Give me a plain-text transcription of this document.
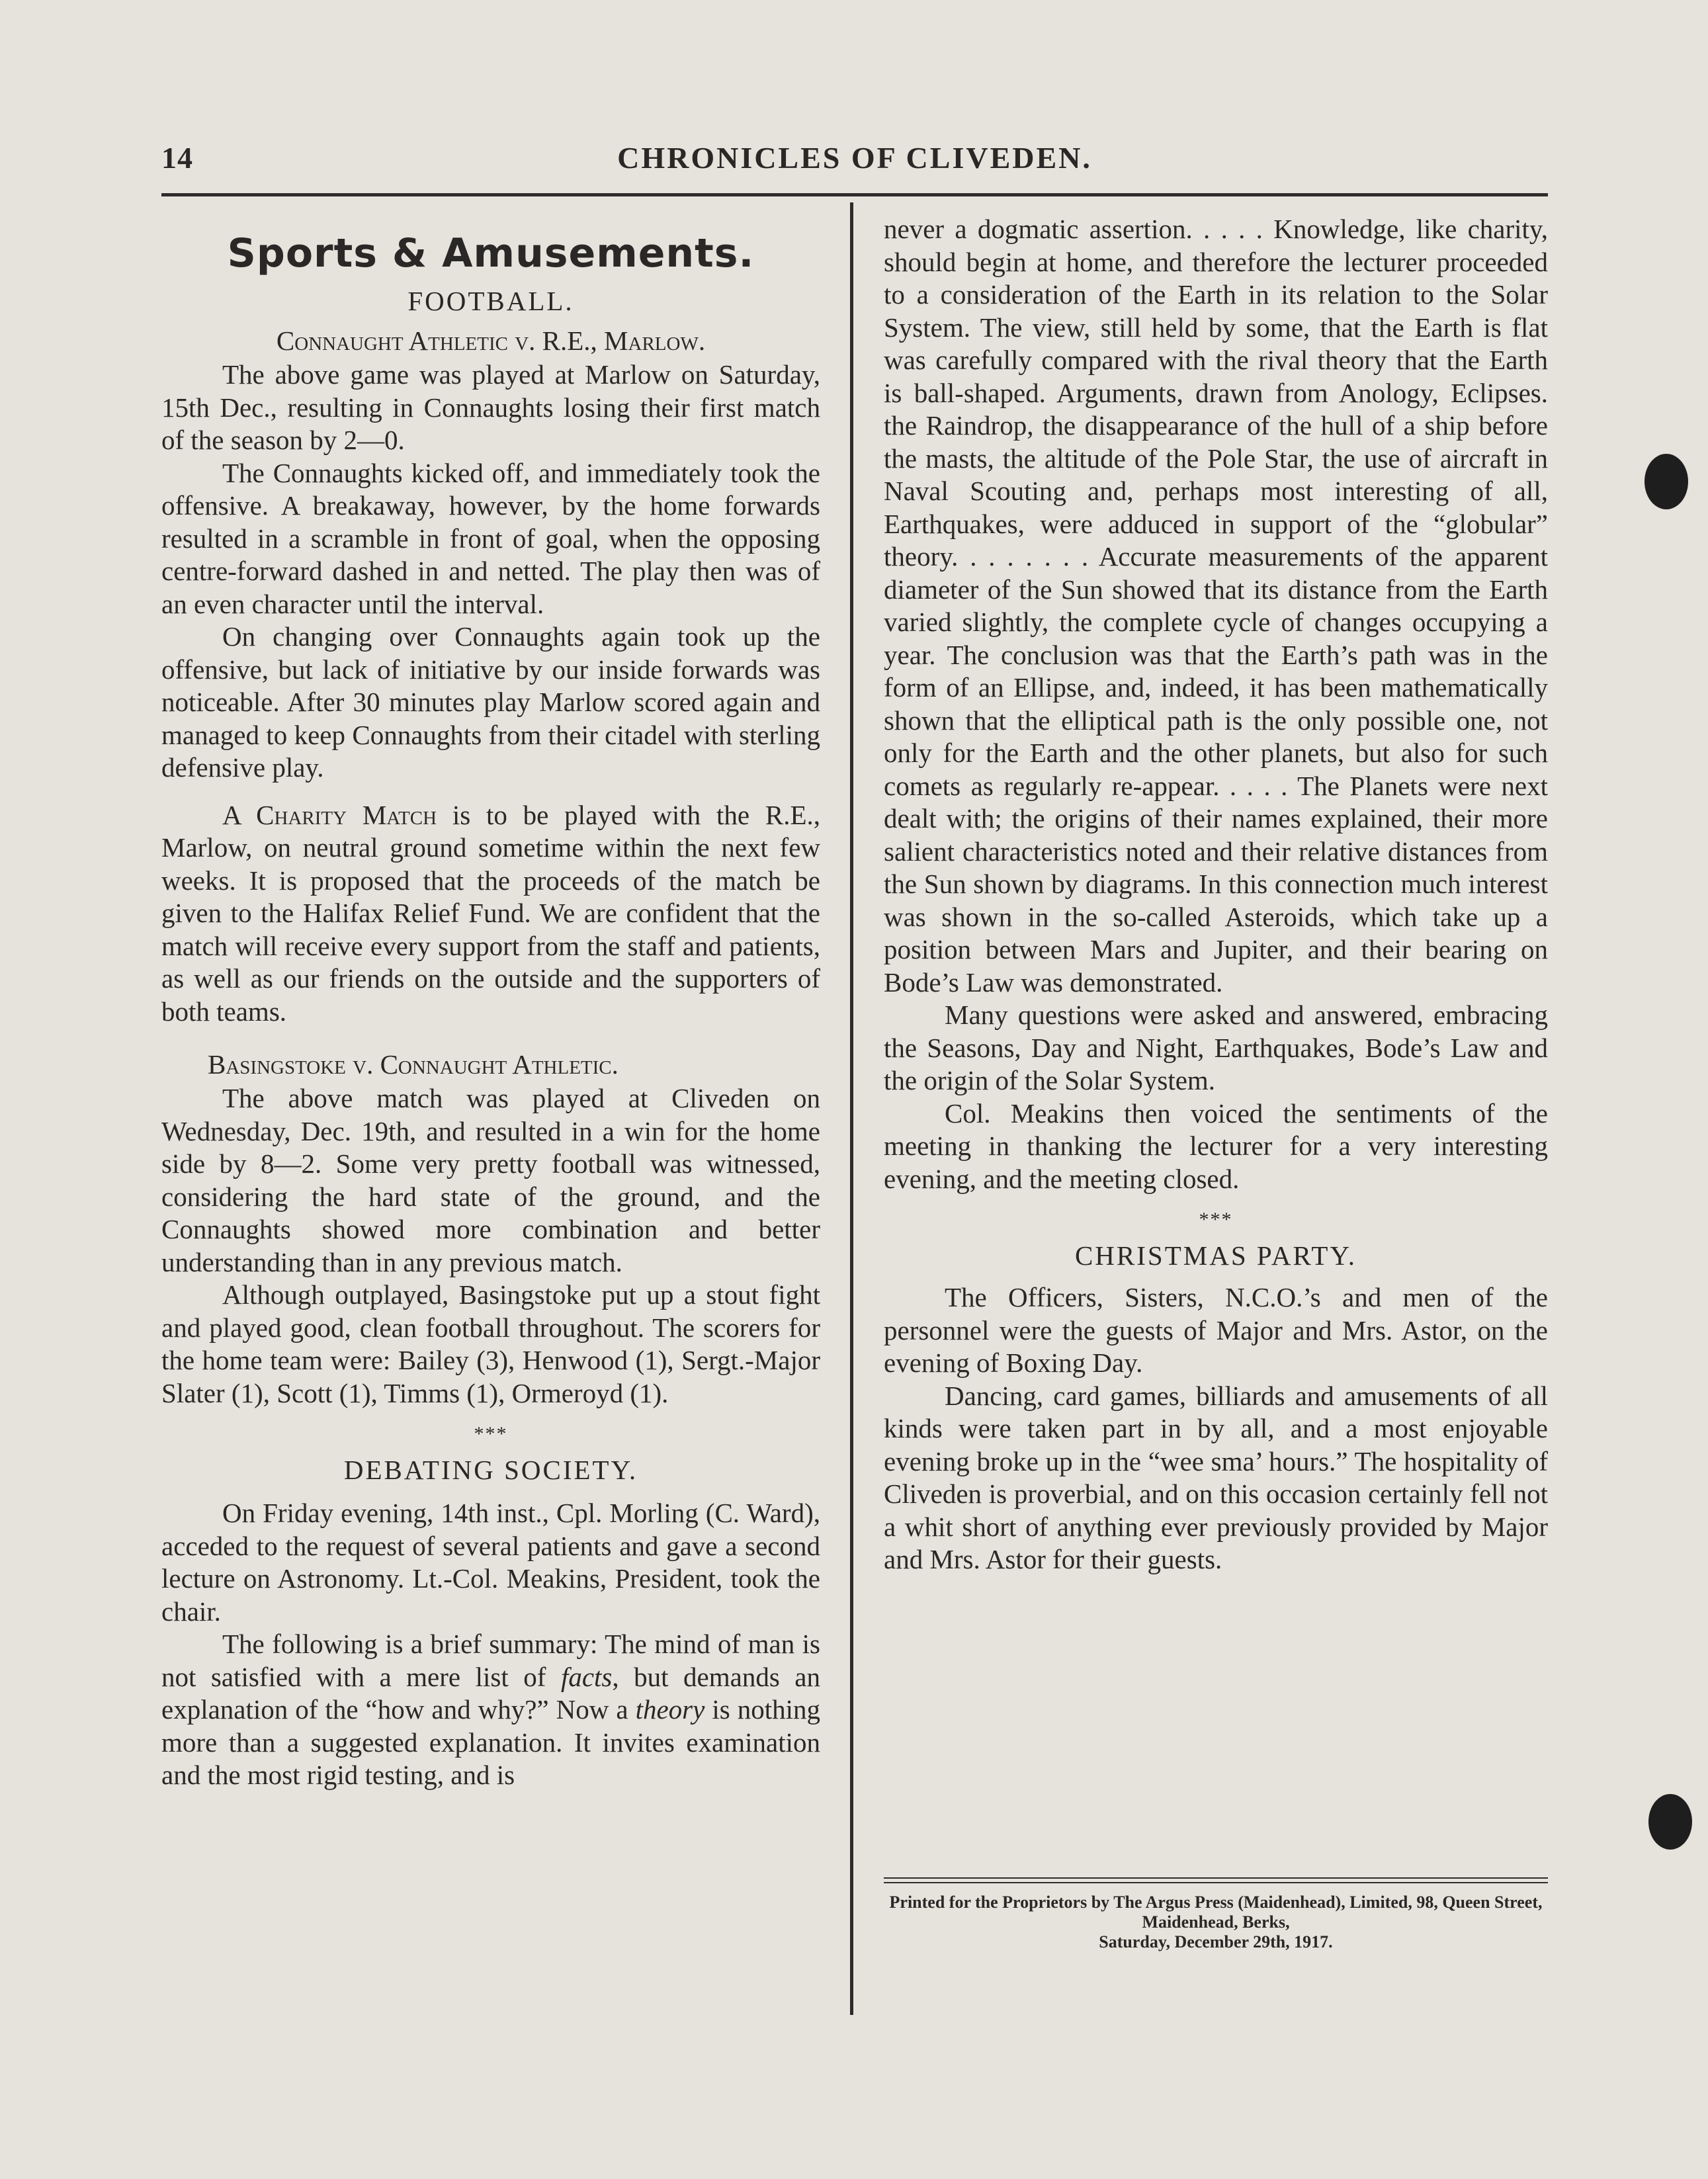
14	CHRONICLES OF CLIVEDEN.
Sports & Amusements.
FOOTBALL.
Connaught Athletic v. R.E., Marlow.

The above game was played at Marlow on Saturday, 15th Dec., resulting in Connaughts losing their first match of the season by 2—0.

The Connaughts kicked off, and immediately took the offensive. A breakaway, however, by the home forwards resulted in a scramble in front of goal, when the opposing centre-forward dashed in and netted. The play then was of an even character until the interval.

On changing over Connaughts again took up the offensive, but lack of initiative by our inside forwards was noticeable. After 30 minutes play Marlow scored again and managed to keep Connaughts from their citadel with sterling defensive play.

A Charity Match is to be played with the R.E., Marlow, on neutral ground sometime within the next few weeks. It is proposed that the proceeds of the match be given to the Halifax Relief Fund. We are confident that the match will receive every support from the staff and patients, as well as our friends on the outside and the supporters of both teams.

Basingstoke v. Connaught Athletic.

The above match was played at Cliveden on Wednesday, Dec. 19th, and resulted in a win for the home side by 8—2. Some very pretty football was witnessed, considering the hard state of the ground, and the Connaughts showed more combination and better understanding than in any previous match.

Although outplayed, Basingstoke put up a stout fight and played good, clean football throughout. The scorers for the home team were: Bailey (3), Henwood (1), Sergt.-Major Slater (1), Scott (1), Timms (1), Ormeroyd (1).

***
DEBATING SOCIETY.

On Friday evening, 14th inst., Cpl. Morling (C. Ward), acceded to the request of several patients and gave a second lecture on Astronomy. Lt.-Col. Meakins, President, took the chair.

The following is a brief summary: The mind of man is not satisfied with a mere list of facts, but demands an explanation of the “how and why?” Now a theory is nothing more than a suggested explanation. It invites examination and the most rigid testing, and is

never a dogmatic assertion. . . . . Knowledge, like charity, should begin at home, and therefore the lecturer proceeded to a consideration of the Earth in its relation to the Solar System. The view, still held by some, that the Earth is flat was carefully compared with the rival theory that the Earth is ball-shaped. Arguments, drawn from Anology, Eclipses. the Raindrop, the disappearance of the hull of a ship before the masts, the altitude of the Pole Star, the use of aircraft in Naval Scouting and, perhaps most interesting of all, Earthquakes, were adduced in support of the “globular” theory. . . . . . . . Accurate measurements of the apparent diameter of the Sun showed that its distance from the Earth varied slightly, the complete cycle of changes occupying a year. The conclusion was that the Earth’s path was in the form of an Ellipse, and, indeed, it has been mathematically shown that the elliptical path is the only possible one, not only for the Earth and the other planets, but also for such comets as regularly re-appear. . . . . The Planets were next dealt with; the origins of their names explained, their more salient characteristics noted and their relative distances from the Sun shown by diagrams. In this connection much interest was shown in the so-called Asteroids, which take up a position between Mars and Jupiter, and their bearing on Bode’s Law was demonstrated.

Many questions were asked and answered, embracing the Seasons, Day and Night, Earthquakes, Bode’s Law and the origin of the Solar System.

Col. Meakins then voiced the sentiments of the meeting in thanking the lecturer for a very interesting evening, and the meeting closed.

***
CHRISTMAS PARTY.

The Officers, Sisters, N.C.O.’s and men of the personnel were the guests of Major and Mrs. Astor, on the evening of Boxing Day.

Dancing, card games, billiards and amusements of all kinds were taken part in by all, and a most enjoyable evening broke up in the “wee sma’ hours.” The hospitality of Cliveden is proverbial, and on this occasion certainly fell not a whit short of anything ever previously provided by Major and Mrs. Astor for their guests.

Printed for the Proprietors by The Argus Press (Maidenhead), Limited, 98, Queen Street, Maidenhead, Berks,

Saturday, December 29th, 1917.
